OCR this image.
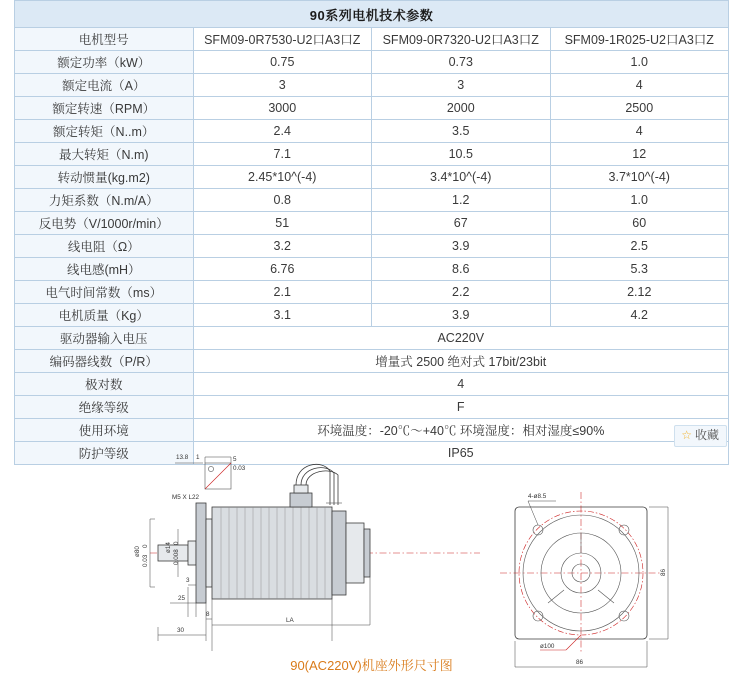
90系列电机技术参数			
电机型号	SFM09-0R7530-U2口A3口Z	SFM09-0R7320-U2口A3口Z	SFM09-1R025-U2口A3口Z
额定功率（kW）	0.75	0.73	1.0
额定电流（A）	3	3	4
额定转速（RPM）	3000	2000	2500
额定转矩（N..m）	2.4	3.5	4
最大转矩（N.m)	7.1	10.5	12
转动惯量(kg.m2)	2.45*10^(-4)	3.4*10^(-4)	3.7*10^(-4)
力矩系数（N.m/A）	0.8	1.2	1.0
反电势（V/1000r/min）	51	67	60
线电阻（Ω）	3.2	3.9	2.5
线电感(mH）	6.76	8.6	5.3
电气时间常数（ms）	2.1	2.2	2.12
电机质量（Kg）	3.1	3.9	4.2
驱动器输入电压	AC220V		
编码器线数（P/R）	增量式 2500 绝对式 17bit/23bit		
极对数	4		
绝缘等级	F		
使用环境	环境温度：-20℃～+40℃ 环境湿度：相对湿度≤90%		
防护等级	IP65		
☆ 收藏
5
0.03
13.8 1
M5 X L22
ø80 0
0.03
ø14 0
0.008
3
25
30
8
LA
4-ø8.5
ø100
86
86
90(AC220V)机座外形尺寸图
